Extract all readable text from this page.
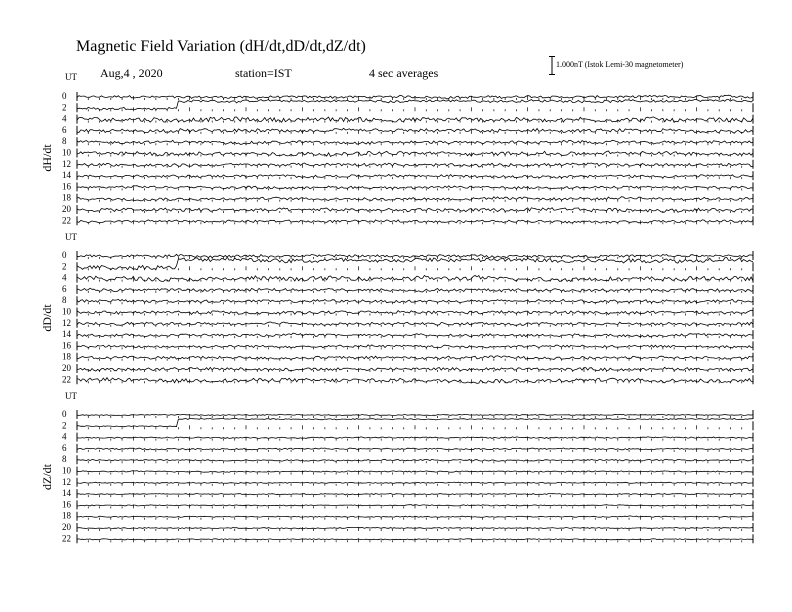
Magnetic Field Variation (dH/dt,dD/dt,dZ/dt)
Aug,4 , 2020	station=IST	4 sec averages
1.000nT (Istok Lemi-30 magnetometer)
UT
dH/dt
0
2
4
6
8
10
12
14
16
18
20
22
UT
dD/dt
0
2
4
6
8
10
12
14
16
18
20
22
UT
dZ/dt
0
2
4
6
8
10
12
14
16
18
20
22
